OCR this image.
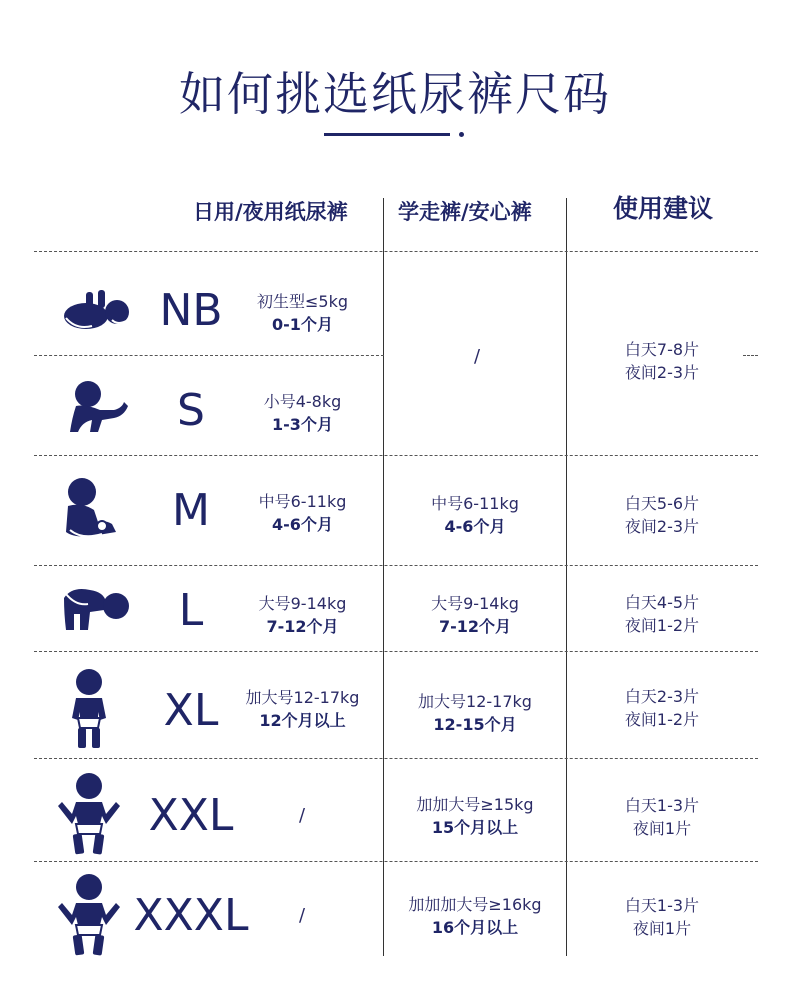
如何挑选纸尿裤尺码
日用/夜用纸尿裤 学走裤/安心裤	使用建议
NB
S
M
L
XL
XXL
XXXL
初生型≤5kg
0-1个月
小号4-8kg
1-3个月
中号6-11kg
4-6个月
大号9-14kg
7-12个月
加大号12-17kg
12个月以上
/
/
/
中号6-11kg
4-6个月
大号9-14kg
7-12个月
加大号12-17kg
12-15个月
加加大号≥15kg
15个月以上
加加加大号≥16kg
16个月以上
白天7-8片
夜间2-3片
白天5-6片
夜间2-3片
白天4-5片
夜间1-2片
白天2-3片
夜间1-2片
白天1-3片
夜间1片
白天1-3片
夜间1片
